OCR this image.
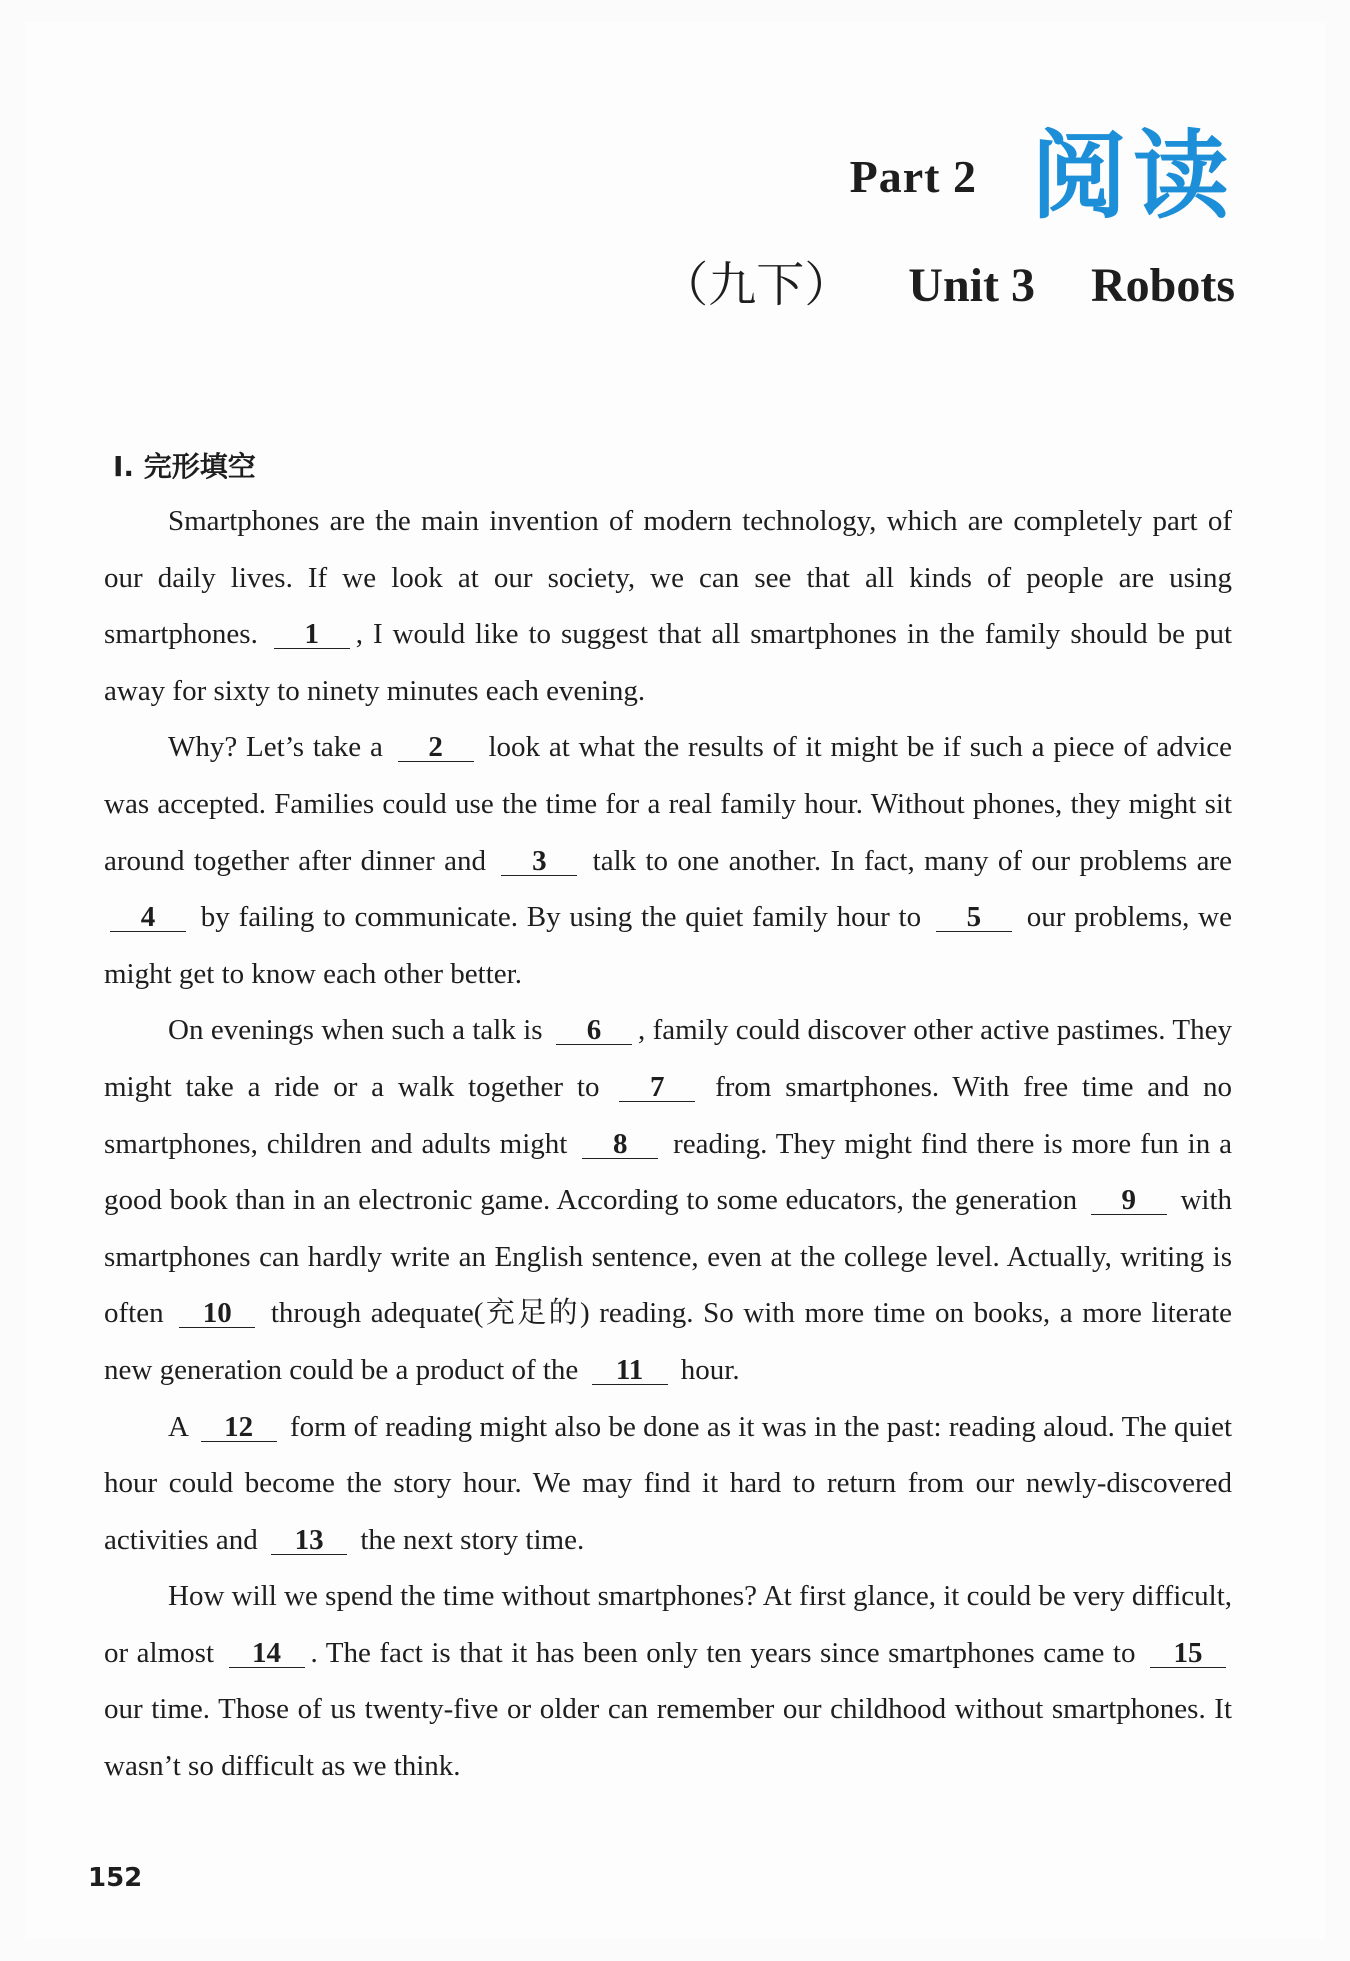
Part 2 阅读
（九下） Unit 3 Robots
Ⅰ. 完形填空

Smartphones are the main invention of modern technology, which are completely part of our daily lives. If we look at our society, we can see that all kinds of people are using smartphones. 1 , I would like to suggest that all smartphones in the family should be put away for sixty to ninety minutes each evening.

Why? Let’s take a 2 look at what the results of it might be if such a piece of advice was accepted. Families could use the time for a real family hour. Without phones, they might sit around together after dinner and 3 talk to one another. In fact, many of our problems are 4 by failing to communicate. By using the quiet family hour to 5 our problems, we might get to know each other better.

On evenings when such a talk is 6 , family could discover other active pastimes. They might take a ride or a walk together to 7 from smartphones. With free time and no smartphones, children and adults might 8 reading. They might find there is more fun in a good book than in an electronic game. According to some educators, the generation 9 with smartphones can hardly write an English sentence, even at the college level. Actually, writing is often 10 through adequate(充足的) reading. So with more time on books, a more literate new generation could be a product of the 11 hour.

A 12 form of reading might also be done as it was in the past: reading aloud. The quiet hour could become the story hour. We may find it hard to return from our newly-discovered activities and 13 the next story time.

How will we spend the time without smartphones? At first glance, it could be very difficult, or almost 14 . The fact is that it has been only ten years since smartphones came to 15 our time. Those of us twenty-five or older can remember our childhood without smartphones. It wasn’t so difficult as we think.

152
